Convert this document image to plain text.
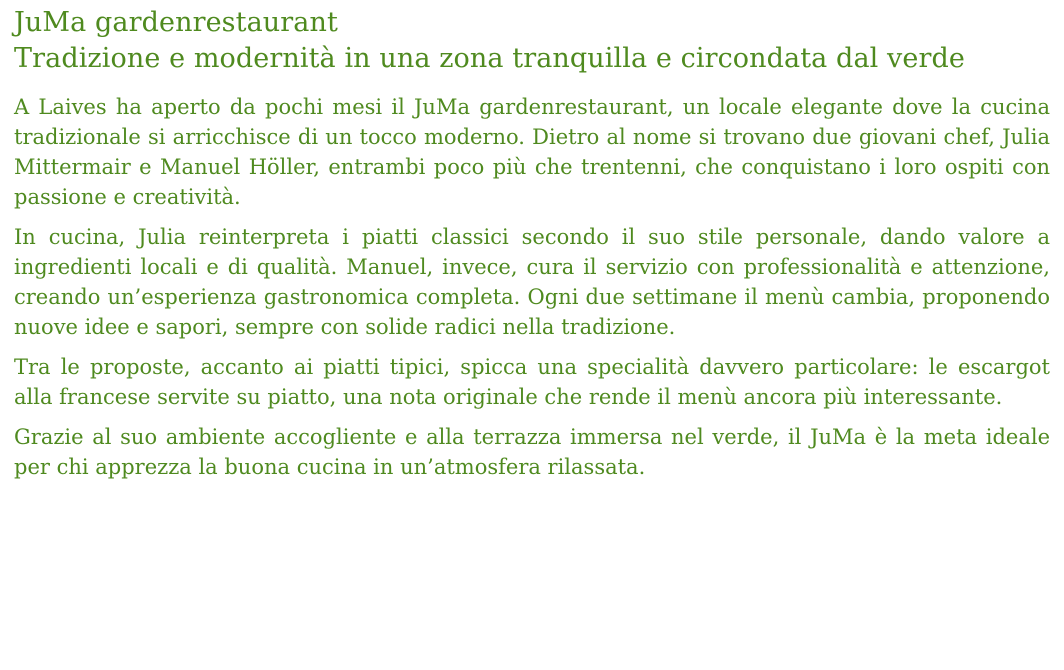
JuMa gardenrestaurant
Tradizione e modernità in una zona tranquilla e circondata dal verde

A Laives ha aperto da pochi mesi il JuMa gardenrestaurant, un locale elegante dove la cucina tradizionale si arricchisce di un tocco moderno. Dietro al nome si trovano due giovani chef, Julia Mittermair e Manuel Höller, entrambi poco più che trentenni, che conquistano i loro ospiti con passione e creatività.

In cucina, Julia reinterpreta i piatti classici secondo il suo stile personale, dando valore a ingredienti locali e di qualità. Manuel, invece, cura il servizio con professionalità e attenzione, creando un’esperienza gastronomica completa. Ogni due settimane il menù cambia, proponendo nuove idee e sapori, sempre con solide radici nella tradizione.

Tra le proposte, accanto ai piatti tipici, spicca una specialità davvero particolare: le escargot alla francese servite su piatto, una nota originale che rende il menù ancora più interessante.

Grazie al suo ambiente accogliente e alla terrazza immersa nel verde, il JuMa è la meta ideale per chi apprezza la buona cucina in un’atmosfera rilassata.
